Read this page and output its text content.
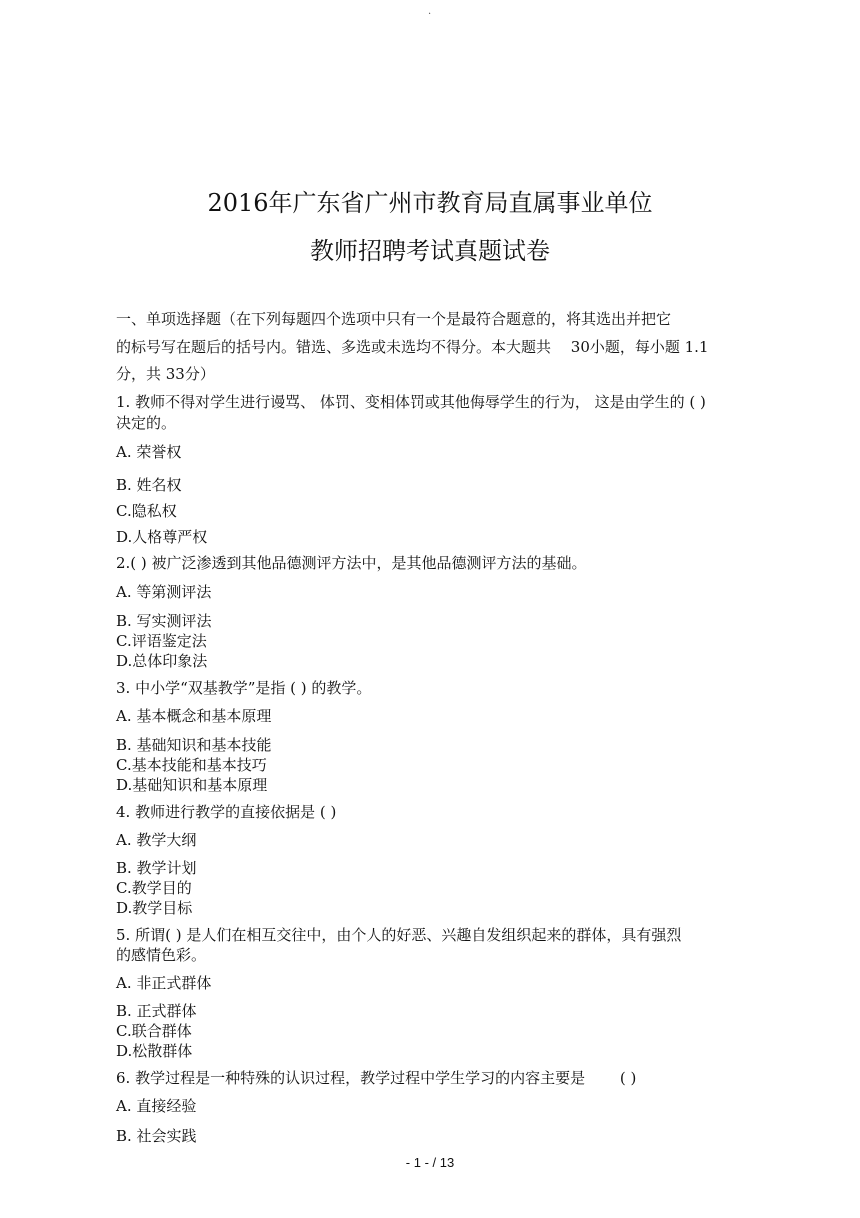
.
2016年广东省广州市教育局直属事业单位
教师招聘考试真题试卷
一、单项选择题（在下列每题四个选项中只有一个是最符合题意的，将其选出并把它
的标号写在题后的括号内。错选、多选或未选均不得分。本大题共　 30小题，每小题 1.1
分，共 33分）
1. 教师不得对学生进行谩骂、 体罚、变相体罚或其他侮辱学生的行为， 这是由学生的 ( )
决定的。
A. 荣誉权
B. 姓名权
C.隐私权
D.人格尊严权
2.( ) 被广泛渗透到其他品德测评方法中，是其他品德测评方法的基础。
A. 等第测评法
B. 写实测评法
C.评语鉴定法
D.总体印象法
3. 中小学“双基教学”是指 ( ) 的教学。
A. 基本概念和基本原理
B. 基础知识和基本技能
C.基本技能和基本技巧
D.基础知识和基本原理
4. 教师进行教学的直接依据是 ( )
A. 教学大纲
B. 教学计划
C.教学目的
D.教学目标
5. 所谓( ) 是人们在相互交往中，由个人的好恶、兴趣自发组织起来的群体，具有强烈
的感情色彩。
A. 非正式群体
B. 正式群体
C.联合群体
D.松散群体
6. 教学过程是一种特殊的认识过程，教学过程中学生学习的内容主要是　　 ( )
A. 直接经验
B. 社会实践
- 1 - / 13
